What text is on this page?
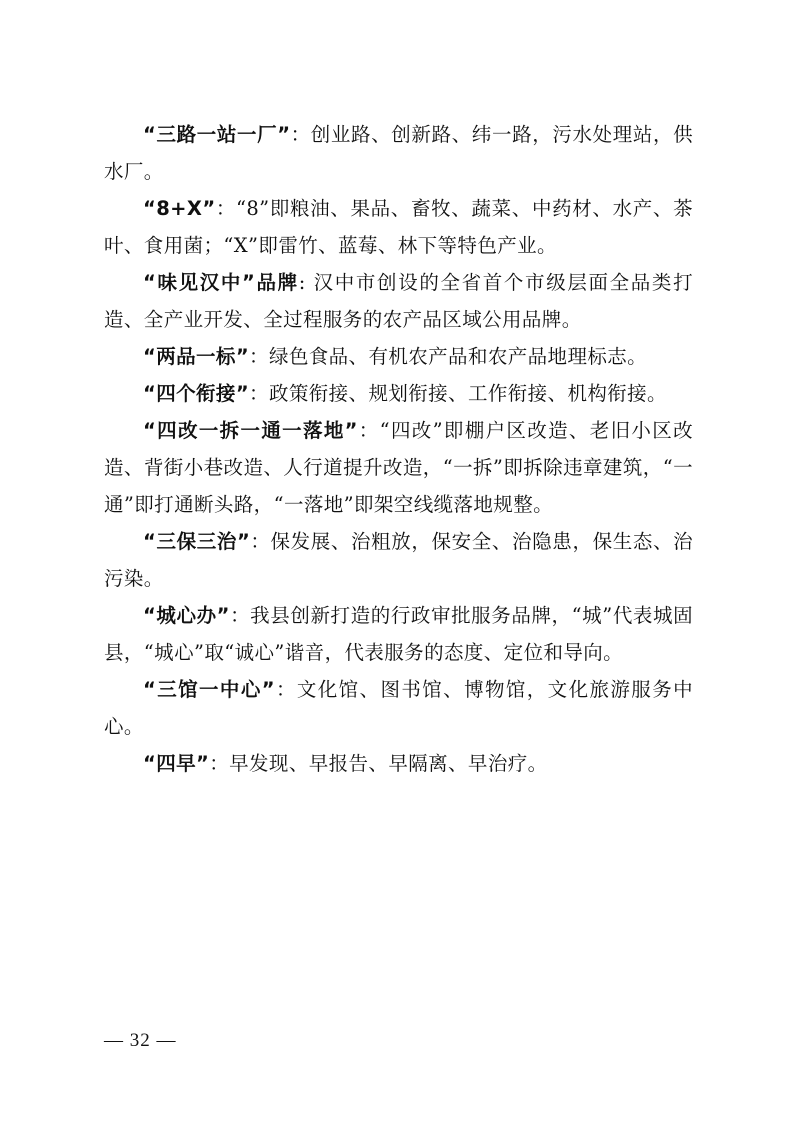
“三路一站一厂”：创业路、创新路、纬一路，污水处理站，供水厂。

“8+X”：“8”即粮油、果品、畜牧、蔬菜、中药材、水产、茶叶、食用菌；“X”即雷竹、蓝莓、林下等特色产业。

“味见汉中”品牌: 汉中市创设的全省首个市级层面全品类打造、全产业开发、全过程服务的农产品区域公用品牌。

“两品一标”：绿色食品、有机农产品和农产品地理标志。

“四个衔接”：政策衔接、规划衔接、工作衔接、机构衔接。

“四改一拆一通一落地”：“四改”即棚户区改造、老旧小区改造、背街小巷改造、人行道提升改造，“一拆”即拆除违章建筑，“一通”即打通断头路，“一落地”即架空线缆落地规整。

“三保三治”：保发展、治粗放，保安全、治隐患，保生态、治污染。

“城心办”：我县创新打造的行政审批服务品牌，“城”代表城固县，“城心”取“诚心”谐音，代表服务的态度、定位和导向。

“三馆一中心”：文化馆、图书馆、博物馆，文化旅游服务中心。

“四早”：早发现、早报告、早隔离、早治疗。

— 32 —
